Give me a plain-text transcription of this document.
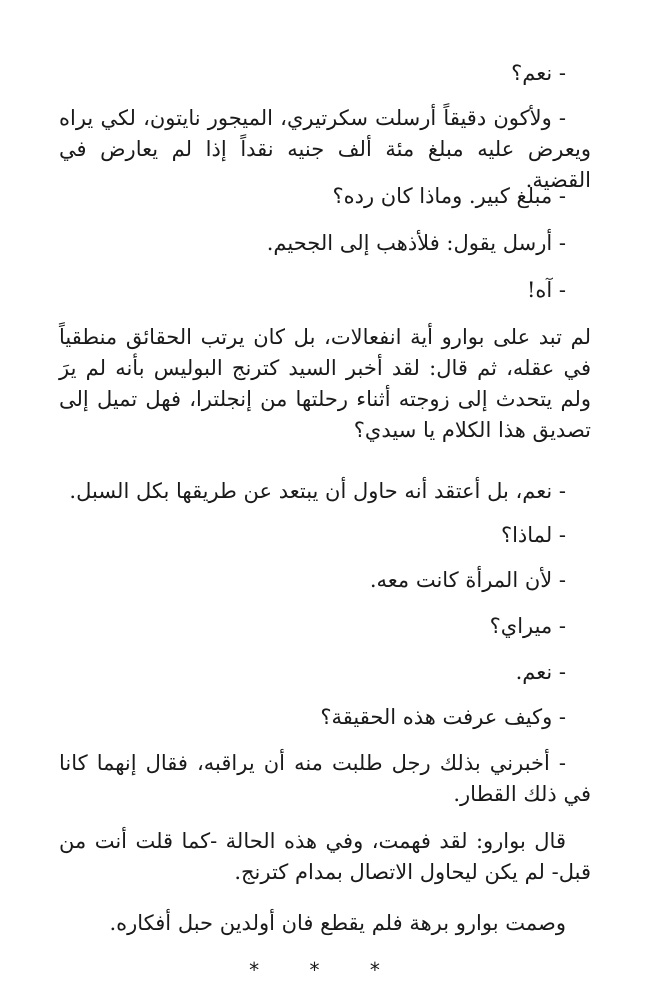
- نعم؟

- ولأكون دقيقاً أرسلت سكرتيري، الميجور نايتون، لكي يراه ويعرض عليه مبلغ مئة ألف جنيه نقداً إذا لم يعارض في القضية.

- مبلغ كبير. وماذا كان رده؟

- أرسل يقول: فلأذهب إلى الجحيم.

- آه!

لم تبد على بوارو أية انفعالات، بل كان يرتب الحقائق منطقياً في عقله، ثم قال: لقد أخبر السيد كترنج البوليس بأنه لم يرَ ولم يتحدث إلى زوجته أثناء رحلتها من إنجلترا، فهل تميل إلى تصديق هذا الكلام يا سيدي؟

- نعم، بل أعتقد أنه حاول أن يبتعد عن طريقها بكل السبل.

- لماذا؟

- لأن المرأة كانت معه.

- ميراي؟

- نعم.

- وكيف عرفت هذه الحقيقة؟

- أخبرني بذلك رجل طلبت منه أن يراقبه، فقال إنهما كانا في ذلك القطار.

قال بوارو: لقد فهمت، وفي هذه الحالة -كما قلت أنت من قبل- لم يكن ليحاول الاتصال بمدام كترنج.

وصمت بوارو برهة فلم يقطع فان أولدين حبل أفكاره.

* * *
